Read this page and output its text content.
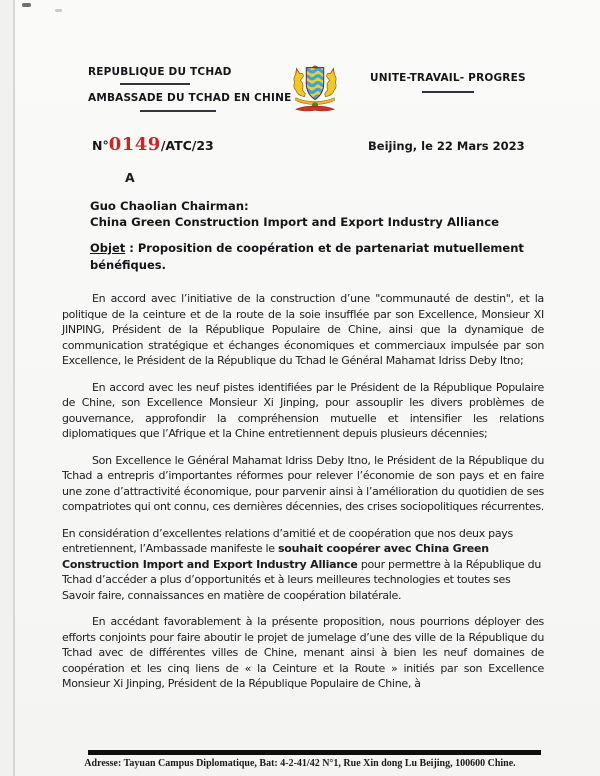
REPUBLIQUE DU TCHAD
AMBASSADE DU TCHAD EN CHINE
UNITE-TRAVAIL- PROGRES
N° 0149 /ATC/23	Beijing, le 22 Mars 2023
A
Guo Chaolian Chairman:
China Green Construction Import and Export Industry Alliance
Objet : Proposition de coopération et de partenariat mutuellement bénéfiques.

En accord avec l’initiative de la construction d’une "communauté de destin", et la politique de la ceinture et de la route de la soie insufflée par son Excellence, Monsieur XI JINPING, Président de la République Populaire de Chine, ainsi que la dynamique de communication stratégique et échanges économiques et commerciaux impulsée par son Excellence, le Président de la République du Tchad le Général Mahamat Idriss Deby Itno;

En accord avec les neuf pistes identifiées par le Président de la République Populaire de Chine, son Excellence Monsieur Xi Jinping, pour assouplir les divers problèmes de gouvernance, approfondir la compréhension mutuelle et intensifier les relations diplomatiques que l’Afrique et la Chine entretiennent depuis plusieurs décennies;

Son Excellence le Général Mahamat Idriss Deby Itno, le Président de la République du Tchad a entrepris d’importantes réformes pour relever l’économie de son pays et en faire une zone d’attractivité économique, pour parvenir ainsi à l’amélioration du quotidien de ses compatriotes qui ont connu, ces dernières décennies, des crises sociopolitiques récurrentes.

En considération d’excellentes relations d’amitié et de coopération que nos deux pays entretiennent, l’Ambassade manifeste le souhait coopérer avec China Green Construction Import and Export Industry Alliance pour permettre à la République du Tchad d’accéder a plus d’opportunités et à leurs meilleures technologies et toutes ses Savoir faire, connaissances en matière de coopération bilatérale.

En accédant favorablement à la présente proposition, nous pourrions déployer des efforts conjoints pour faire aboutir le projet de jumelage d’une des ville de la République du Tchad avec de différentes villes de Chine, menant ainsi à bien les neuf domaines de coopération et les cinq liens de « la Ceinture et la Route » initiés par son Excellence Monsieur Xi Jinping, Président de la République Populaire de Chine, à

Adresse: Tayuan Campus Diplomatique, Bat: 4-2-41/42 N°1, Rue Xin dong Lu Beijing, 100600 Chine.
